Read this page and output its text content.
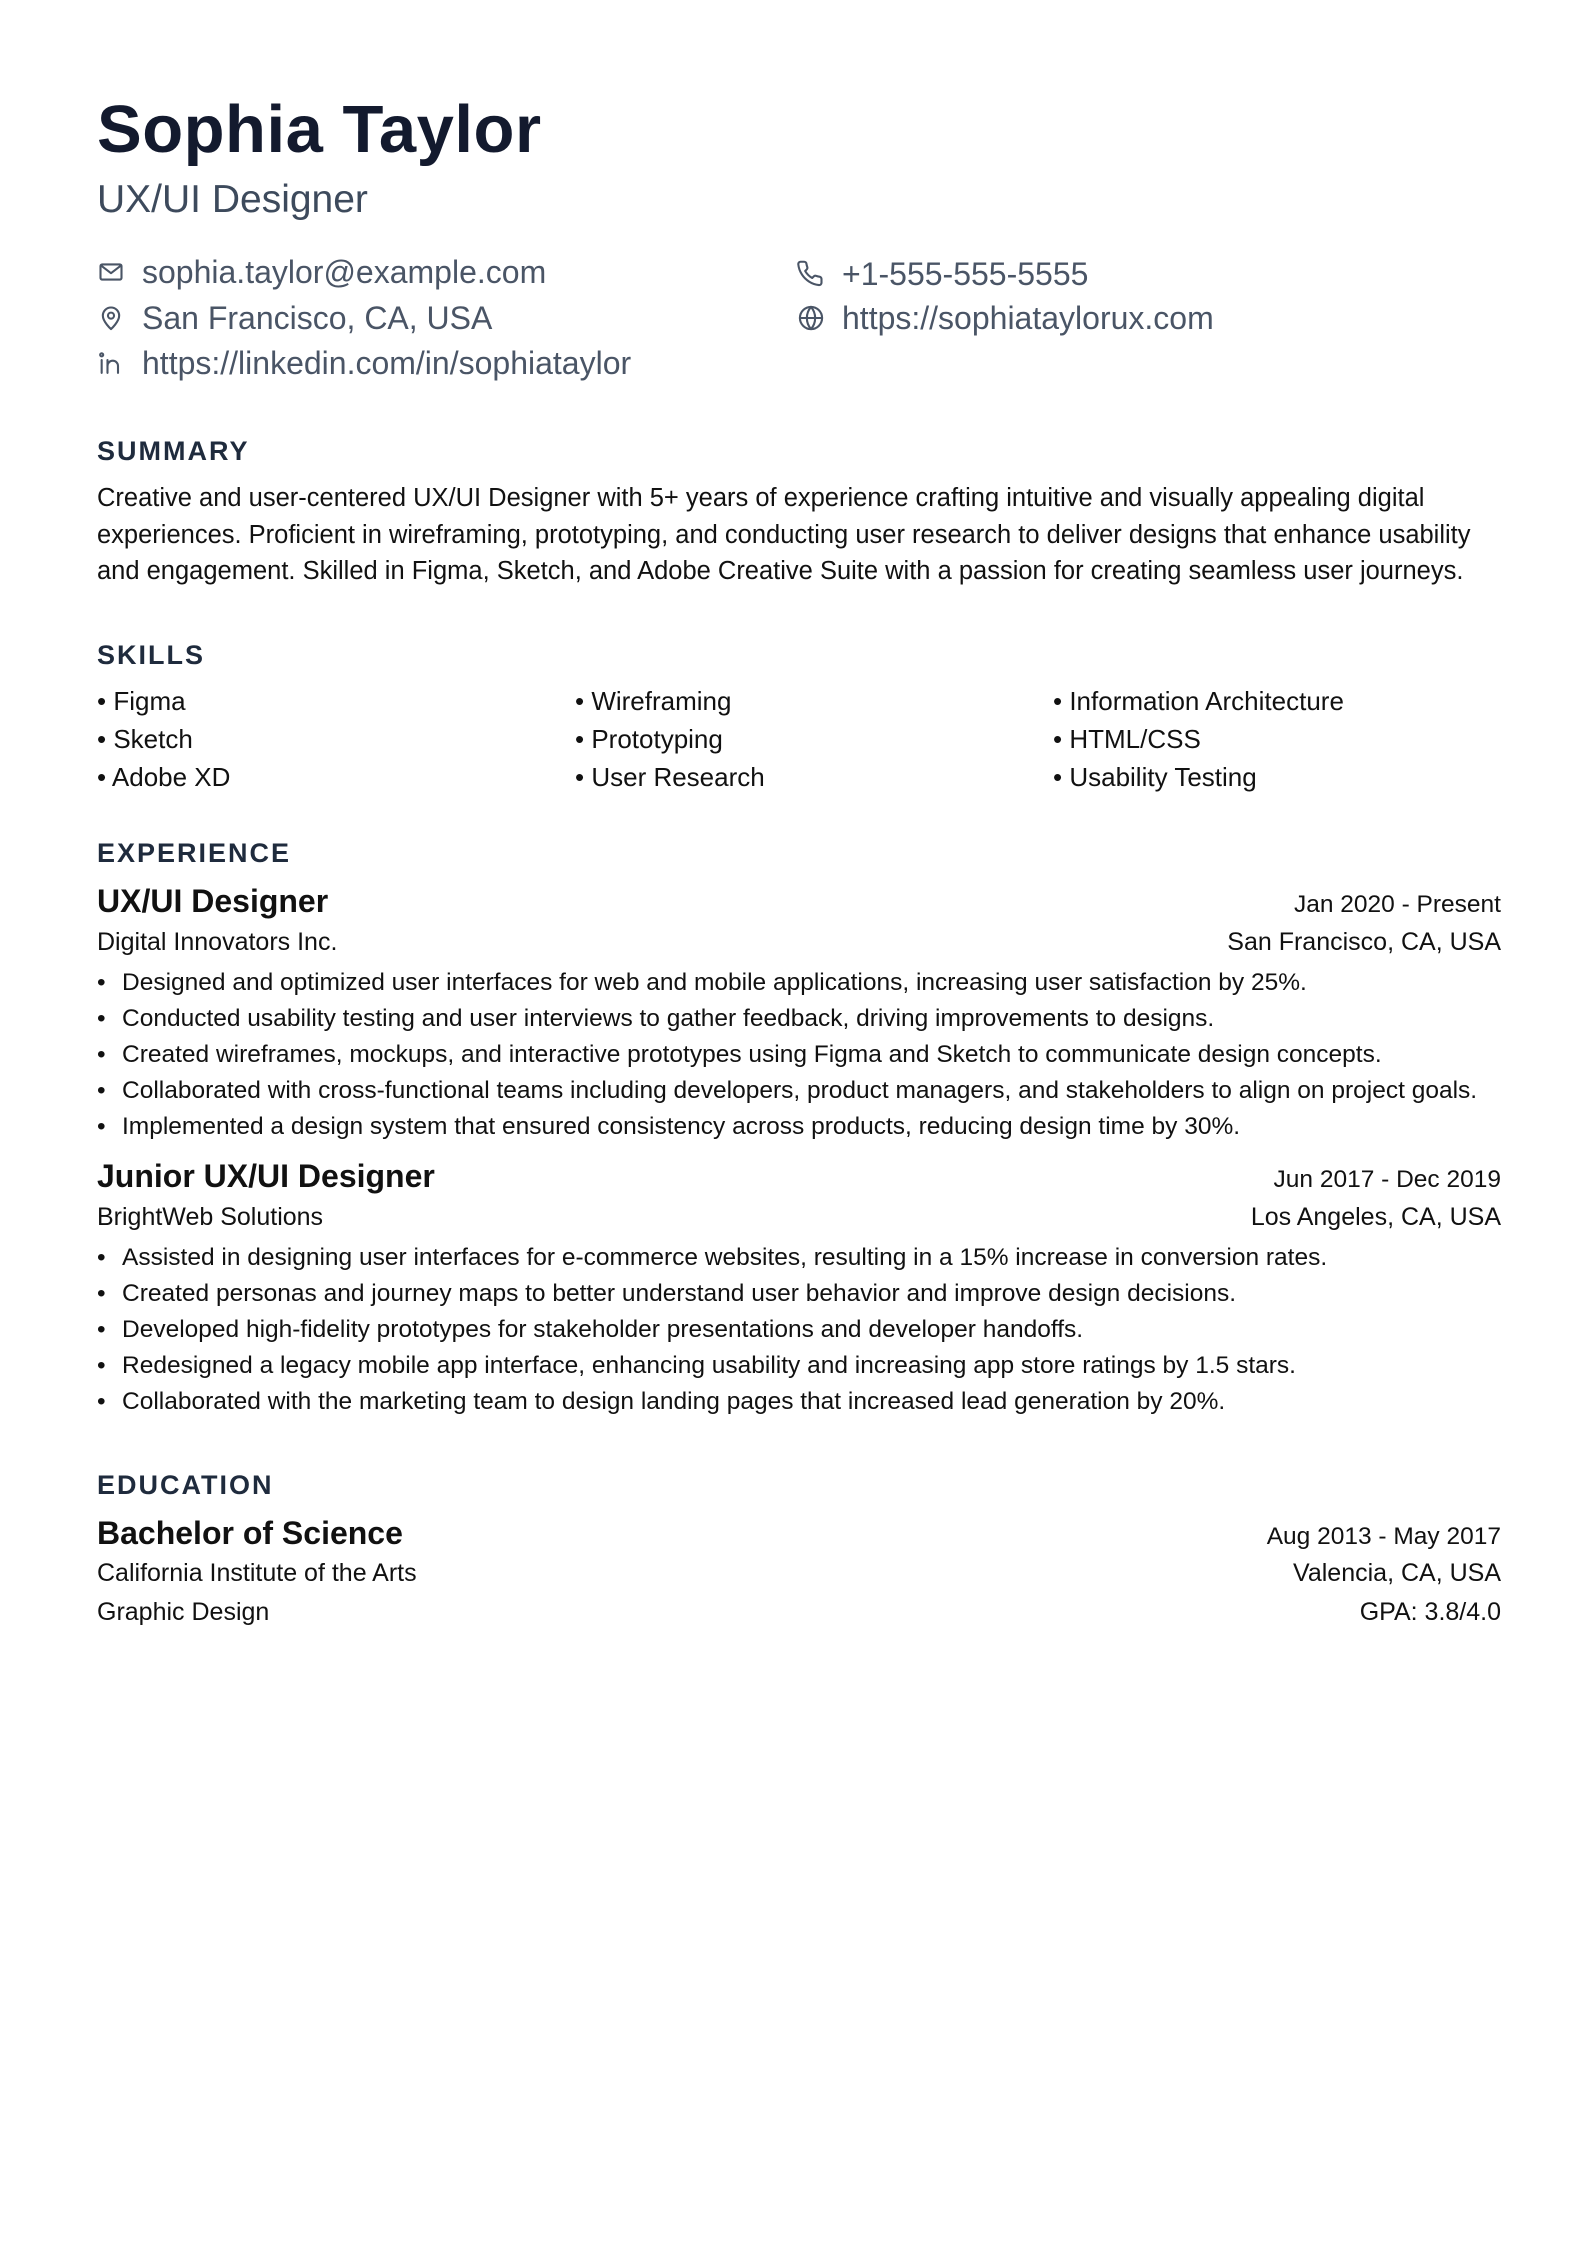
Sophia Taylor
UX/UI Designer
sophia.taylor@example.com	+1-555-555-5555
San Francisco, CA, USA	https://sophiataylorux.com
https://linkedin.com/in/sophiataylor
SUMMARY
Creative and user-centered UX/UI Designer with 5+ years of experience crafting intuitive and visually appealing digital experiences. Proficient in wireframing, prototyping, and conducting user research to deliver designs that enhance usability and engagement. Skilled in Figma, Sketch, and Adobe Creative Suite with a passion for creating seamless user journeys.
SKILLS
• Figma	• Wireframing	• Information Architecture
• Sketch	• Prototyping	• HTML/CSS
• Adobe XD	• User Research	• Usability Testing
EXPERIENCE
UX/UI Designer	Jan 2020 - Present
Digital Innovators Inc.	San Francisco, CA, USA
• Designed and optimized user interfaces for web and mobile applications, increasing user satisfaction by 25%.
• Conducted usability testing and user interviews to gather feedback, driving improvements to designs.
• Created wireframes, mockups, and interactive prototypes using Figma and Sketch to communicate design concepts.
• Collaborated with cross-functional teams including developers, product managers, and stakeholders to align on project goals.
• Implemented a design system that ensured consistency across products, reducing design time by 30%.
Junior UX/UI Designer	Jun 2017 - Dec 2019
BrightWeb Solutions	Los Angeles, CA, USA
• Assisted in designing user interfaces for e-commerce websites, resulting in a 15% increase in conversion rates.
• Created personas and journey maps to better understand user behavior and improve design decisions.
• Developed high-fidelity prototypes for stakeholder presentations and developer handoffs.
• Redesigned a legacy mobile app interface, enhancing usability and increasing app store ratings by 1.5 stars.
• Collaborated with the marketing team to design landing pages that increased lead generation by 20%.
EDUCATION
Bachelor of Science	Aug 2013 - May 2017
California Institute of the Arts	Valencia, CA, USA
Graphic Design	GPA: 3.8/4.0
